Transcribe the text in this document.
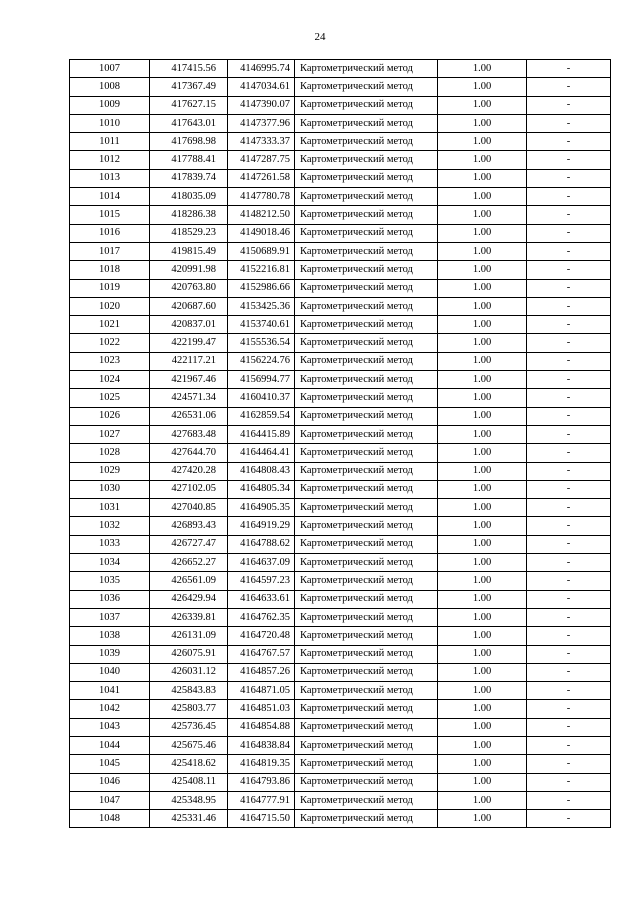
24
1007	417415.56	4146995.74	Картометрический метод	1.00	-
1008	417367.49	4147034.61	Картометрический метод	1.00	-
1009	417627.15	4147390.07	Картометрический метод	1.00	-
1010	417643.01	4147377.96	Картометрический метод	1.00	-
1011	417698.98	4147333.37	Картометрический метод	1.00	-
1012	417788.41	4147287.75	Картометрический метод	1.00	-
1013	417839.74	4147261.58	Картометрический метод	1.00	-
1014	418035.09	4147780.78	Картометрический метод	1.00	-
1015	418286.38	4148212.50	Картометрический метод	1.00	-
1016	418529.23	4149018.46	Картометрический метод	1.00	-
1017	419815.49	4150689.91	Картометрический метод	1.00	-
1018	420991.98	4152216.81	Картометрический метод	1.00	-
1019	420763.80	4152986.66	Картометрический метод	1.00	-
1020	420687.60	4153425.36	Картометрический метод	1.00	-
1021	420837.01	4153740.61	Картометрический метод	1.00	-
1022	422199.47	4155536.54	Картометрический метод	1.00	-
1023	422117.21	4156224.76	Картометрический метод	1.00	-
1024	421967.46	4156994.77	Картометрический метод	1.00	-
1025	424571.34	4160410.37	Картометрический метод	1.00	-
1026	426531.06	4162859.54	Картометрический метод	1.00	-
1027	427683.48	4164415.89	Картометрический метод	1.00	-
1028	427644.70	4164464.41	Картометрический метод	1.00	-
1029	427420.28	4164808.43	Картометрический метод	1.00	-
1030	427102.05	4164805.34	Картометрический метод	1.00	-
1031	427040.85	4164905.35	Картометрический метод	1.00	-
1032	426893.43	4164919.29	Картометрический метод	1.00	-
1033	426727.47	4164788.62	Картометрический метод	1.00	-
1034	426652.27	4164637.09	Картометрический метод	1.00	-
1035	426561.09	4164597.23	Картометрический метод	1.00	-
1036	426429.94	4164633.61	Картометрический метод	1.00	-
1037	426339.81	4164762.35	Картометрический метод	1.00	-
1038	426131.09	4164720.48	Картометрический метод	1.00	-
1039	426075.91	4164767.57	Картометрический метод	1.00	-
1040	426031.12	4164857.26	Картометрический метод	1.00	-
1041	425843.83	4164871.05	Картометрический метод	1.00	-
1042	425803.77	4164851.03	Картометрический метод	1.00	-
1043	425736.45	4164854.88	Картометрический метод	1.00	-
1044	425675.46	4164838.84	Картометрический метод	1.00	-
1045	425418.62	4164819.35	Картометрический метод	1.00	-
1046	425408.11	4164793.86	Картометрический метод	1.00	-
1047	425348.95	4164777.91	Картометрический метод	1.00	-
1048	425331.46	4164715.50	Картометрический метод	1.00	-
